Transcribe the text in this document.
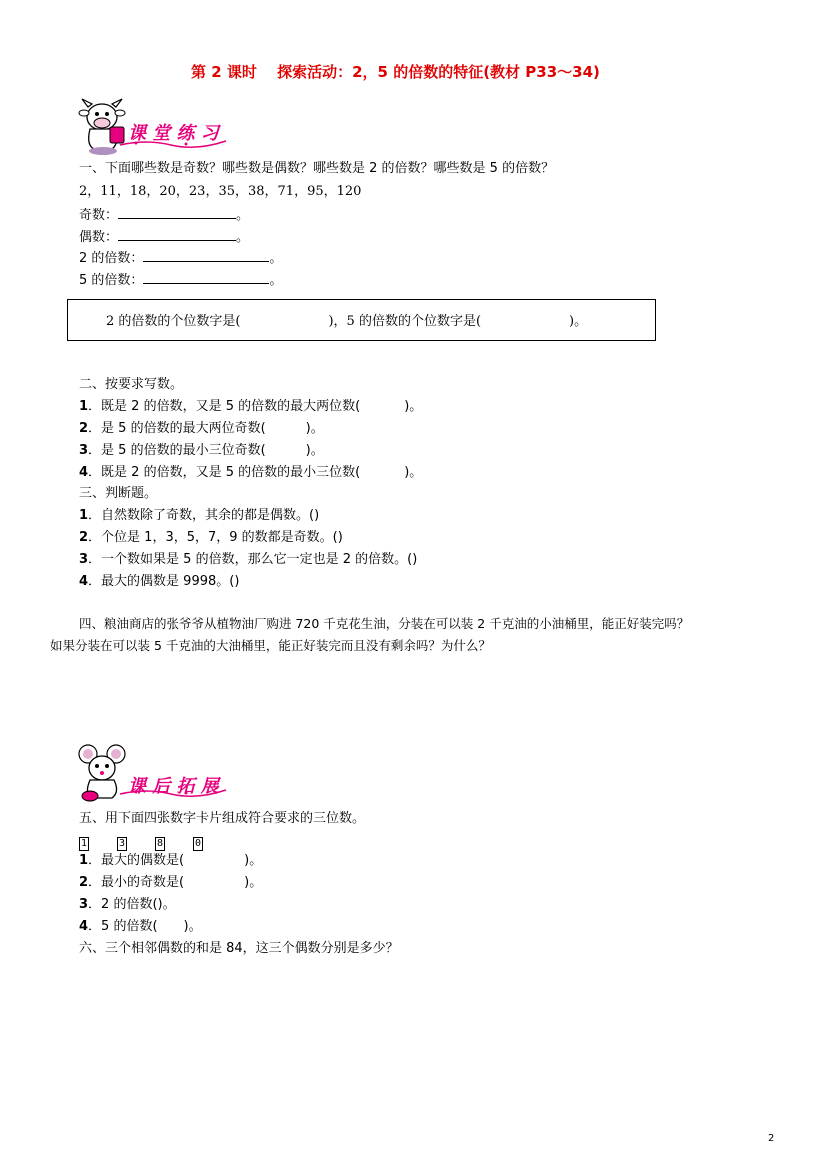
第 2 课时　 探索活动：2，5 的倍数的特征(教材 P33～34)
课 堂 练 习
一、下面哪些数是奇数？哪些数是偶数？哪些数是 2 的倍数？哪些数是 5 的倍数？
2，11，18，20，23，35，38，71，95，120
奇数：	。
偶数：	。
2 的倍数：	。
5 的倍数：	。
2 的倍数的个位数字是(	)，5 的倍数的个位数字是(	)。
二、按要求写数。
1．既是 2 的倍数，又是 5 的倍数的最大两位数(	)。
2．是 5 的倍数的最大两位奇数(	)。
3．是 5 的倍数的最小三位奇数(	)。
4．既是 2 的倍数，又是 5 的倍数的最小三位数(	)。
三、判断题。
1．自然数除了奇数，其余的都是偶数。()
2．个位是 1，3，5，7，9 的数都是奇数。()
3．一个数如果是 5 的倍数，那么它一定也是 2 的倍数。()
4．最大的偶数是 9998。()
四、粮油商店的张爷爷从植物油厂购进 720 千克花生油，分装在可以装 2 千克油的小油桶里，能正好装完吗？
如果分装在可以装 5 千克油的大油桶里，能正好装完而且没有剩余吗？为什么？
课 后 拓 展
五、用下面四张数字卡片组成符合要求的三位数。
1	3	8	0
1．最大的偶数是(	)。
2．最小的奇数是(	)。
3．2 的倍数()。
4．5 的倍数( )。
六、三个相邻偶数的和是 84，这三个偶数分别是多少？
2
